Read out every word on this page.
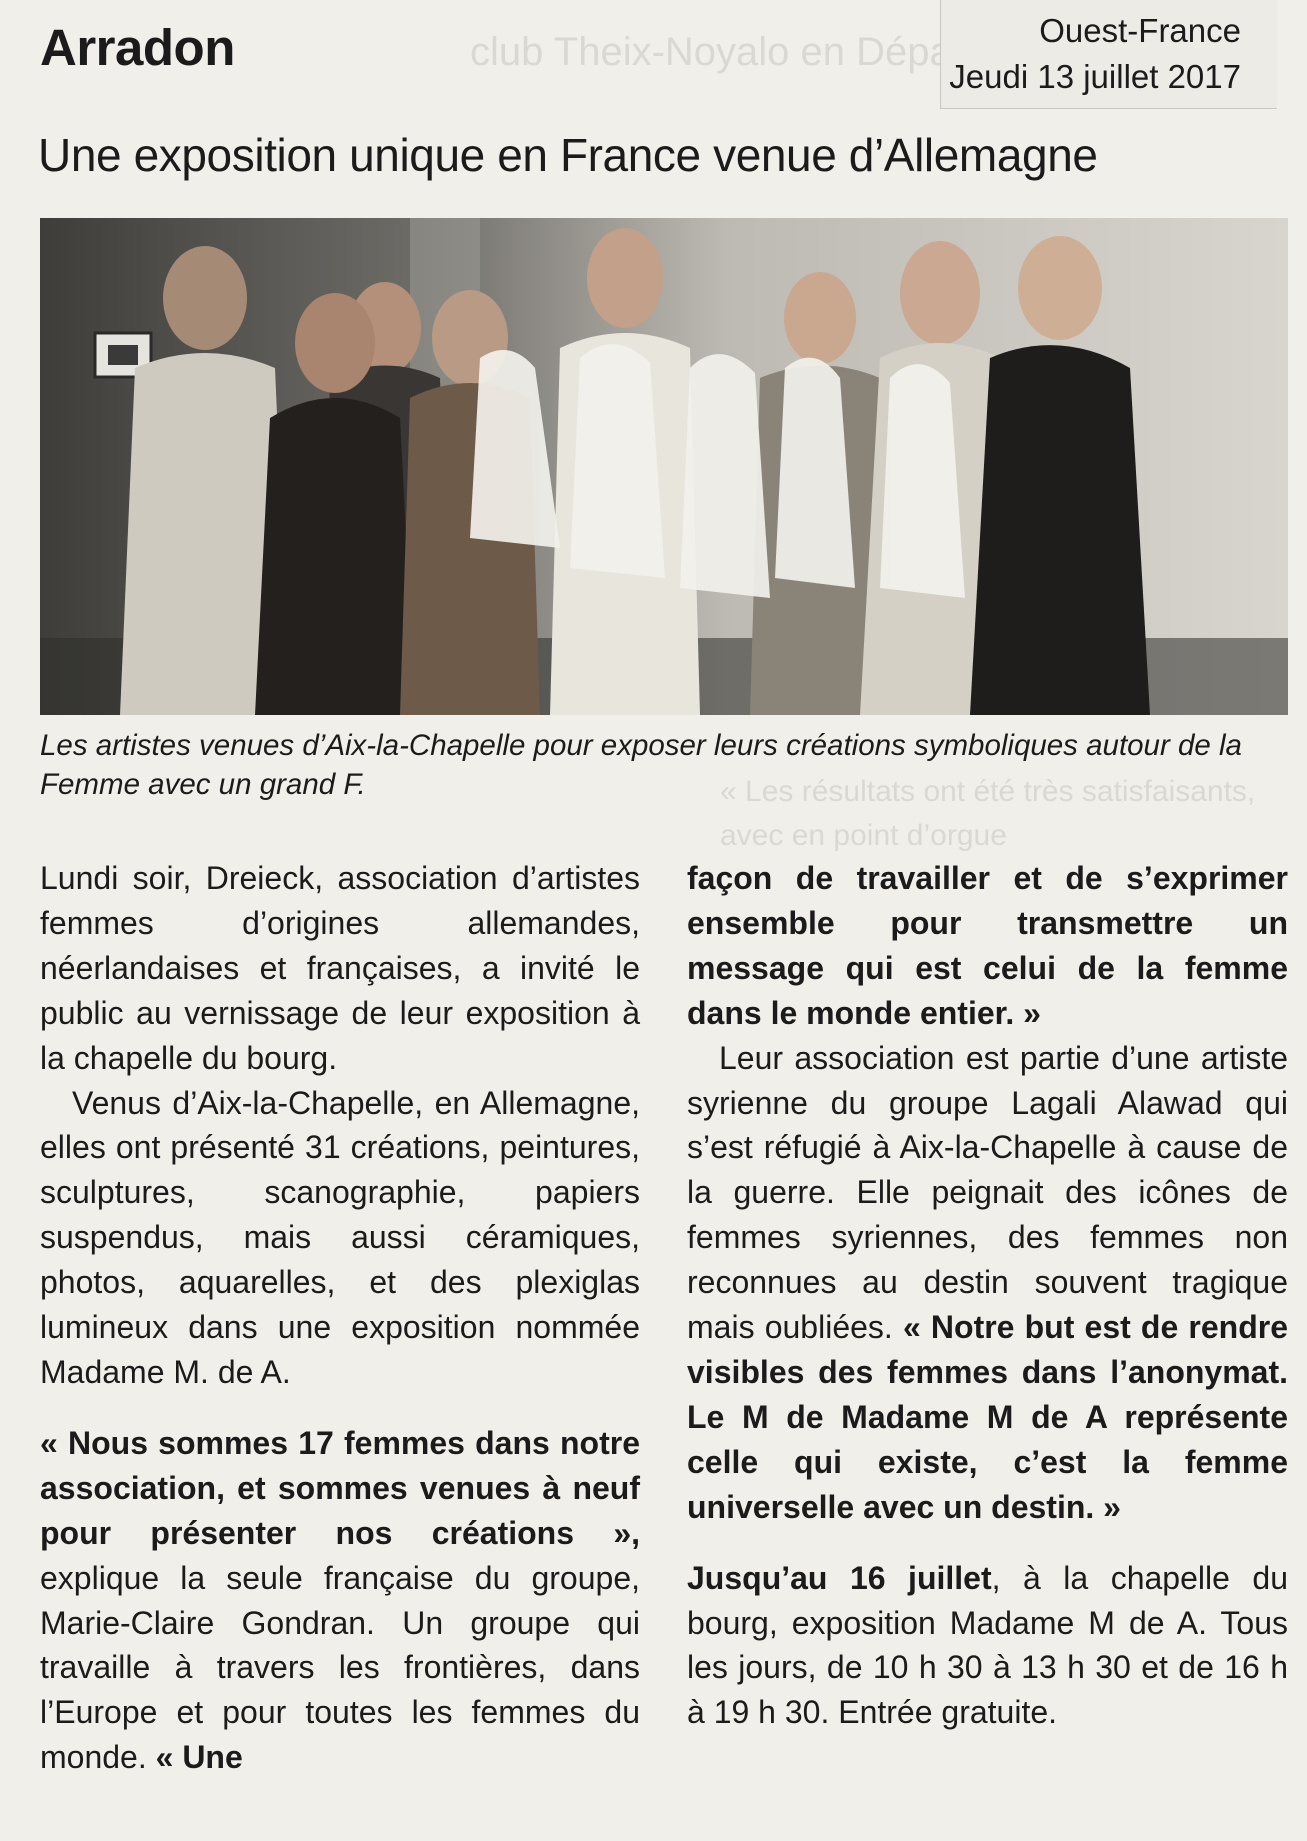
club Theix-Noyalo en Départe
« Les résultats ont été très satisfaisants, avec en point d’orgue
Arradon	Ouest-France
Jeudi 13 juillet 2017
Une exposition unique en France venue d’Allemagne
Les artistes venues d’Aix-la-Chapelle pour exposer leurs créations symboliques autour de la Femme avec un grand F.

Lundi soir, Dreieck, association d’artistes femmes d’origines allemandes, néerlandaises et françaises, a invité le public au vernissage de leur exposition à la chapelle du bourg.

Venus d’Aix-la-Chapelle, en Allemagne, elles ont présenté 31 créations, peintures, sculptures, scanographie, papiers suspendus, mais aussi céramiques, photos, aquarelles, et des plexiglas lumineux dans une exposition nommée Madame M. de A.

« Nous sommes 17 femmes dans notre association, et sommes venues à neuf pour présenter nos créations », explique la seule française du groupe, Marie-Claire Gondran. Un groupe qui travaille à travers les frontières, dans l’Europe et pour toutes les femmes du monde. « Une

façon de travailler et de s’exprimer ensemble pour transmettre un message qui est celui de la femme dans le monde entier. »

Leur association est partie d’une artiste syrienne du groupe Lagali Alawad qui s’est réfugié à Aix-la-Chapelle à cause de la guerre. Elle peignait des icônes de femmes syriennes, des femmes non reconnues au destin souvent tragique mais oubliées. « Notre but est de rendre visibles des femmes dans l’anonymat. Le M de Madame M de A représente celle qui existe, c’est la femme universelle avec un destin. »

Jusqu’au 16 juillet, à la chapelle du bourg, exposition Madame M de A. Tous les jours, de 10 h 30 à 13 h 30 et de 16 h à 19 h 30. Entrée gratuite.
